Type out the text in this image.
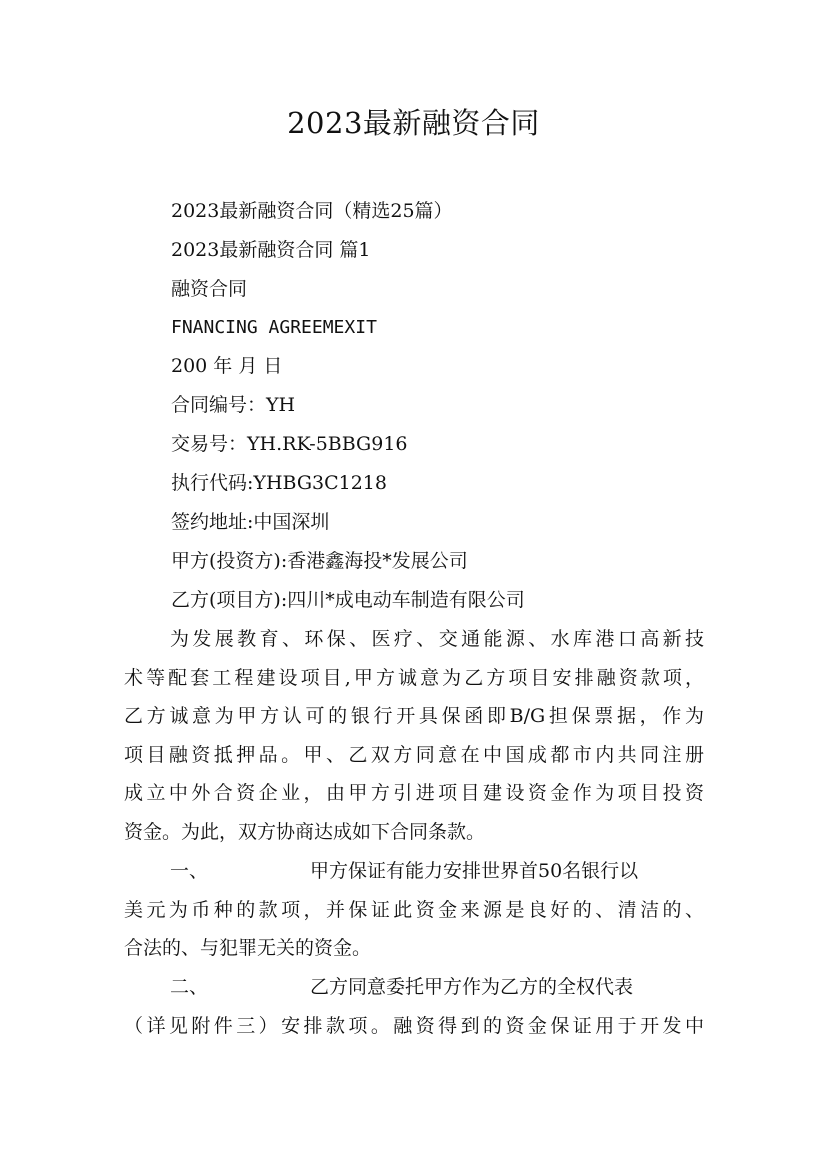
2023最新融资合同

2023最新融资合同（精选25篇）

2023最新融资合同 篇1

融资合同

FNANCING AGREEMEXIT

200 年 月 日

合同编号：YH

交易号：YH.RK-5BBG916

执行代码:YHBG3C1218

签约地址:中国深圳

甲方(投资方):香港鑫海投*发展公司

乙方(项目方):四川*成电动车制造有限公司

为发展教育、环保、医疗、交通能源、水库港口高新技
术等配套工程建设项目,甲方诚意为乙方项目安排融资款项，
乙方诚意为甲方认可的银行开具保函即B/G担保票据，作为
项目融资抵押品。甲、乙双方同意在中国成都市内共同注册
成立中外合资企业，由甲方引进项目建设资金作为项目投资
资金。为此，双方协商达成如下合同条款。
一、	甲方保证有能力安排世界首50名银行以
美元为币种的款项，并保证此资金来源是良好的、清洁的、
合法的、与犯罪无关的资金。
二、	乙方同意委托甲方作为乙方的全权代表
（详见附件三）安排款项。融资得到的资金保证用于开发中
